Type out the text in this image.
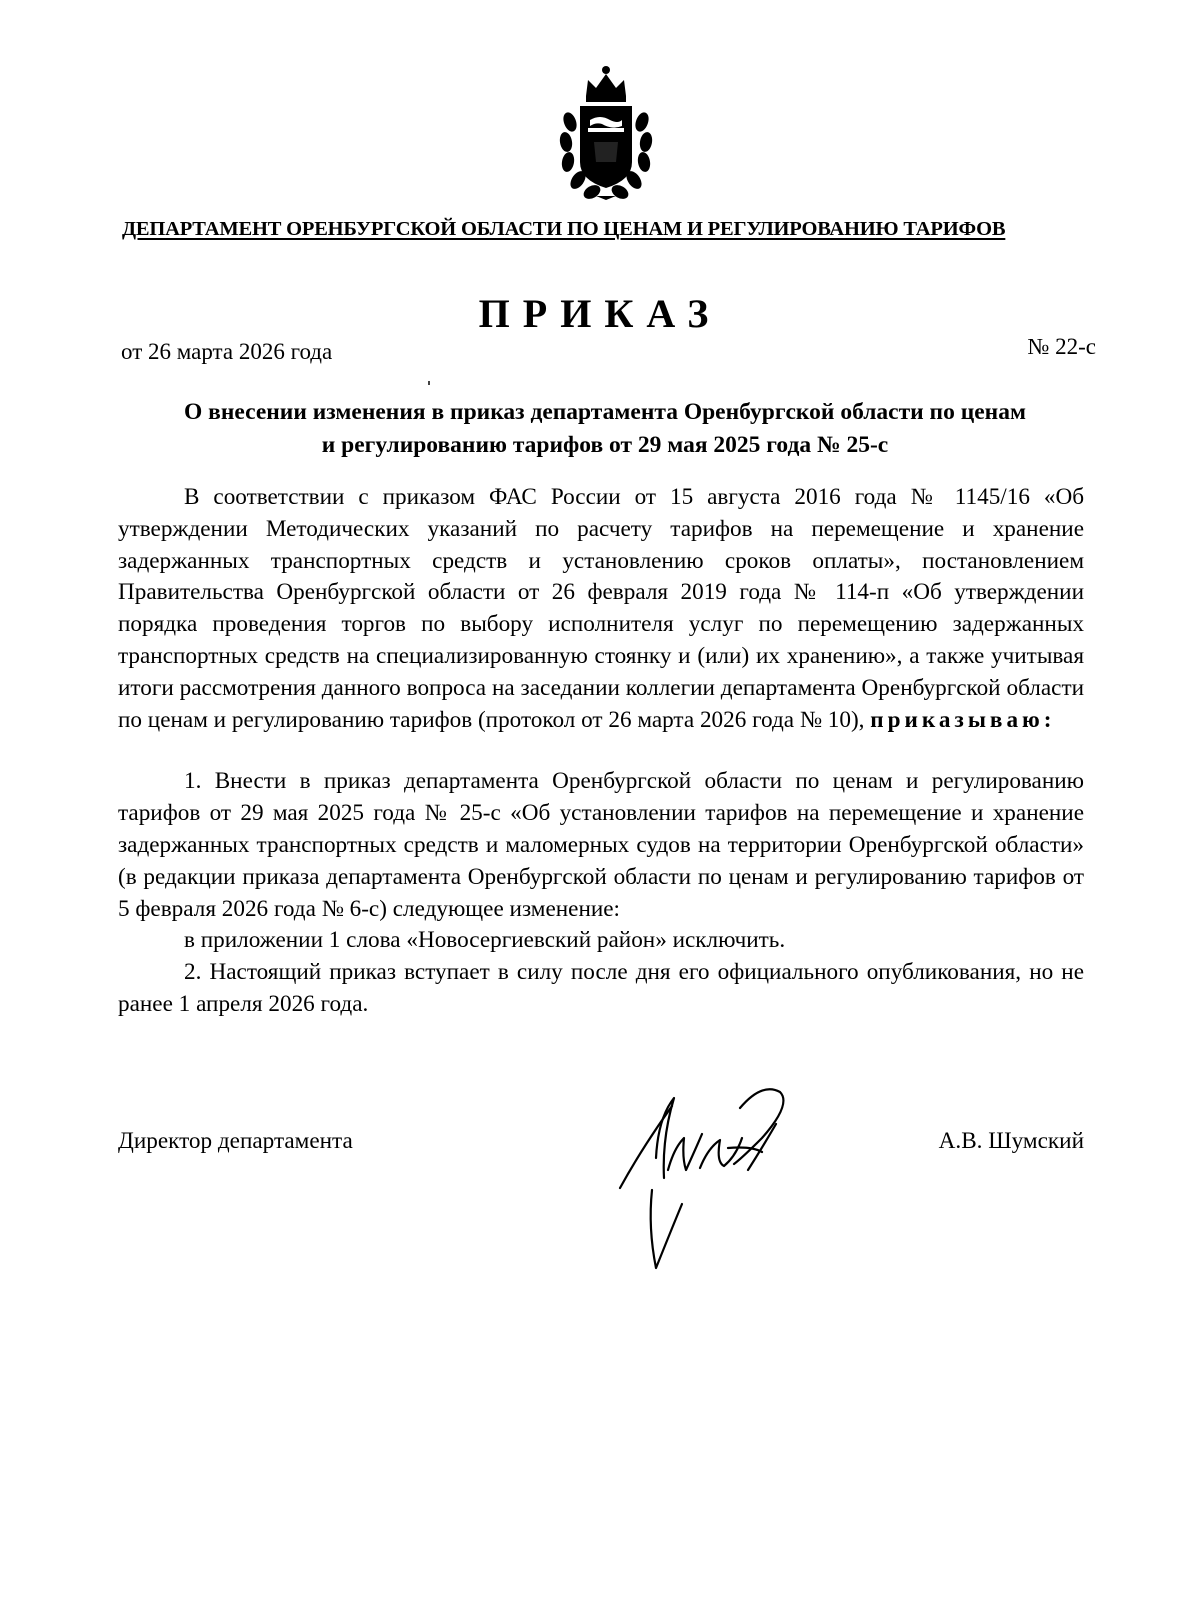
ДЕПАРТАМЕНТ ОРЕНБУРГСКОЙ ОБЛАСТИ ПО ЦЕНАМ И РЕГУЛИРОВАНИЮ ТАРИФОВ
ПРИКАЗ
от 26 марта 2026 года	№ 22-с
О внесении изменения в приказ департамента Оренбургской области по ценам
и регулированию тарифов от 29 мая 2025 года № 25-с

В соответствии с приказом ФАС России от 15 августа 2016 года № 1145/16 «Об утверждении Методических указаний по расчету тарифов на перемещение и хранение задержанных транспортных средств и установлению сроков оплаты», постановлением Правительства Оренбургской области от 26 февраля 2019 года № 114-п «Об утверждении порядка проведения торгов по выбору исполнителя услуг по перемещению задержанных транспортных средств на специализированную стоянку и (или) их хранению», а также учитывая итоги рассмотрения данного вопроса на заседании коллегии департамента Оренбургской области по ценам и регулированию тарифов (протокол от 26 марта 2026 года № 10), приказываю:

1. Внести в приказ департамента Оренбургской области по ценам и регулированию тарифов от 29 мая 2025 года № 25-с «Об установлении тарифов на перемещение и хранение задержанных транспортных средств и маломерных судов на территории Оренбургской области» (в редакции приказа департамента Оренбургской области по ценам и регулированию тарифов от 5 февраля 2026 года № 6-с) следующее изменение:

в приложении 1 слова «Новосергиевский район» исключить.

2. Настоящий приказ вступает в силу после дня его официального опубликования, но не ранее 1 апреля 2026 года.

Директор департамента	А.В. Шумский
